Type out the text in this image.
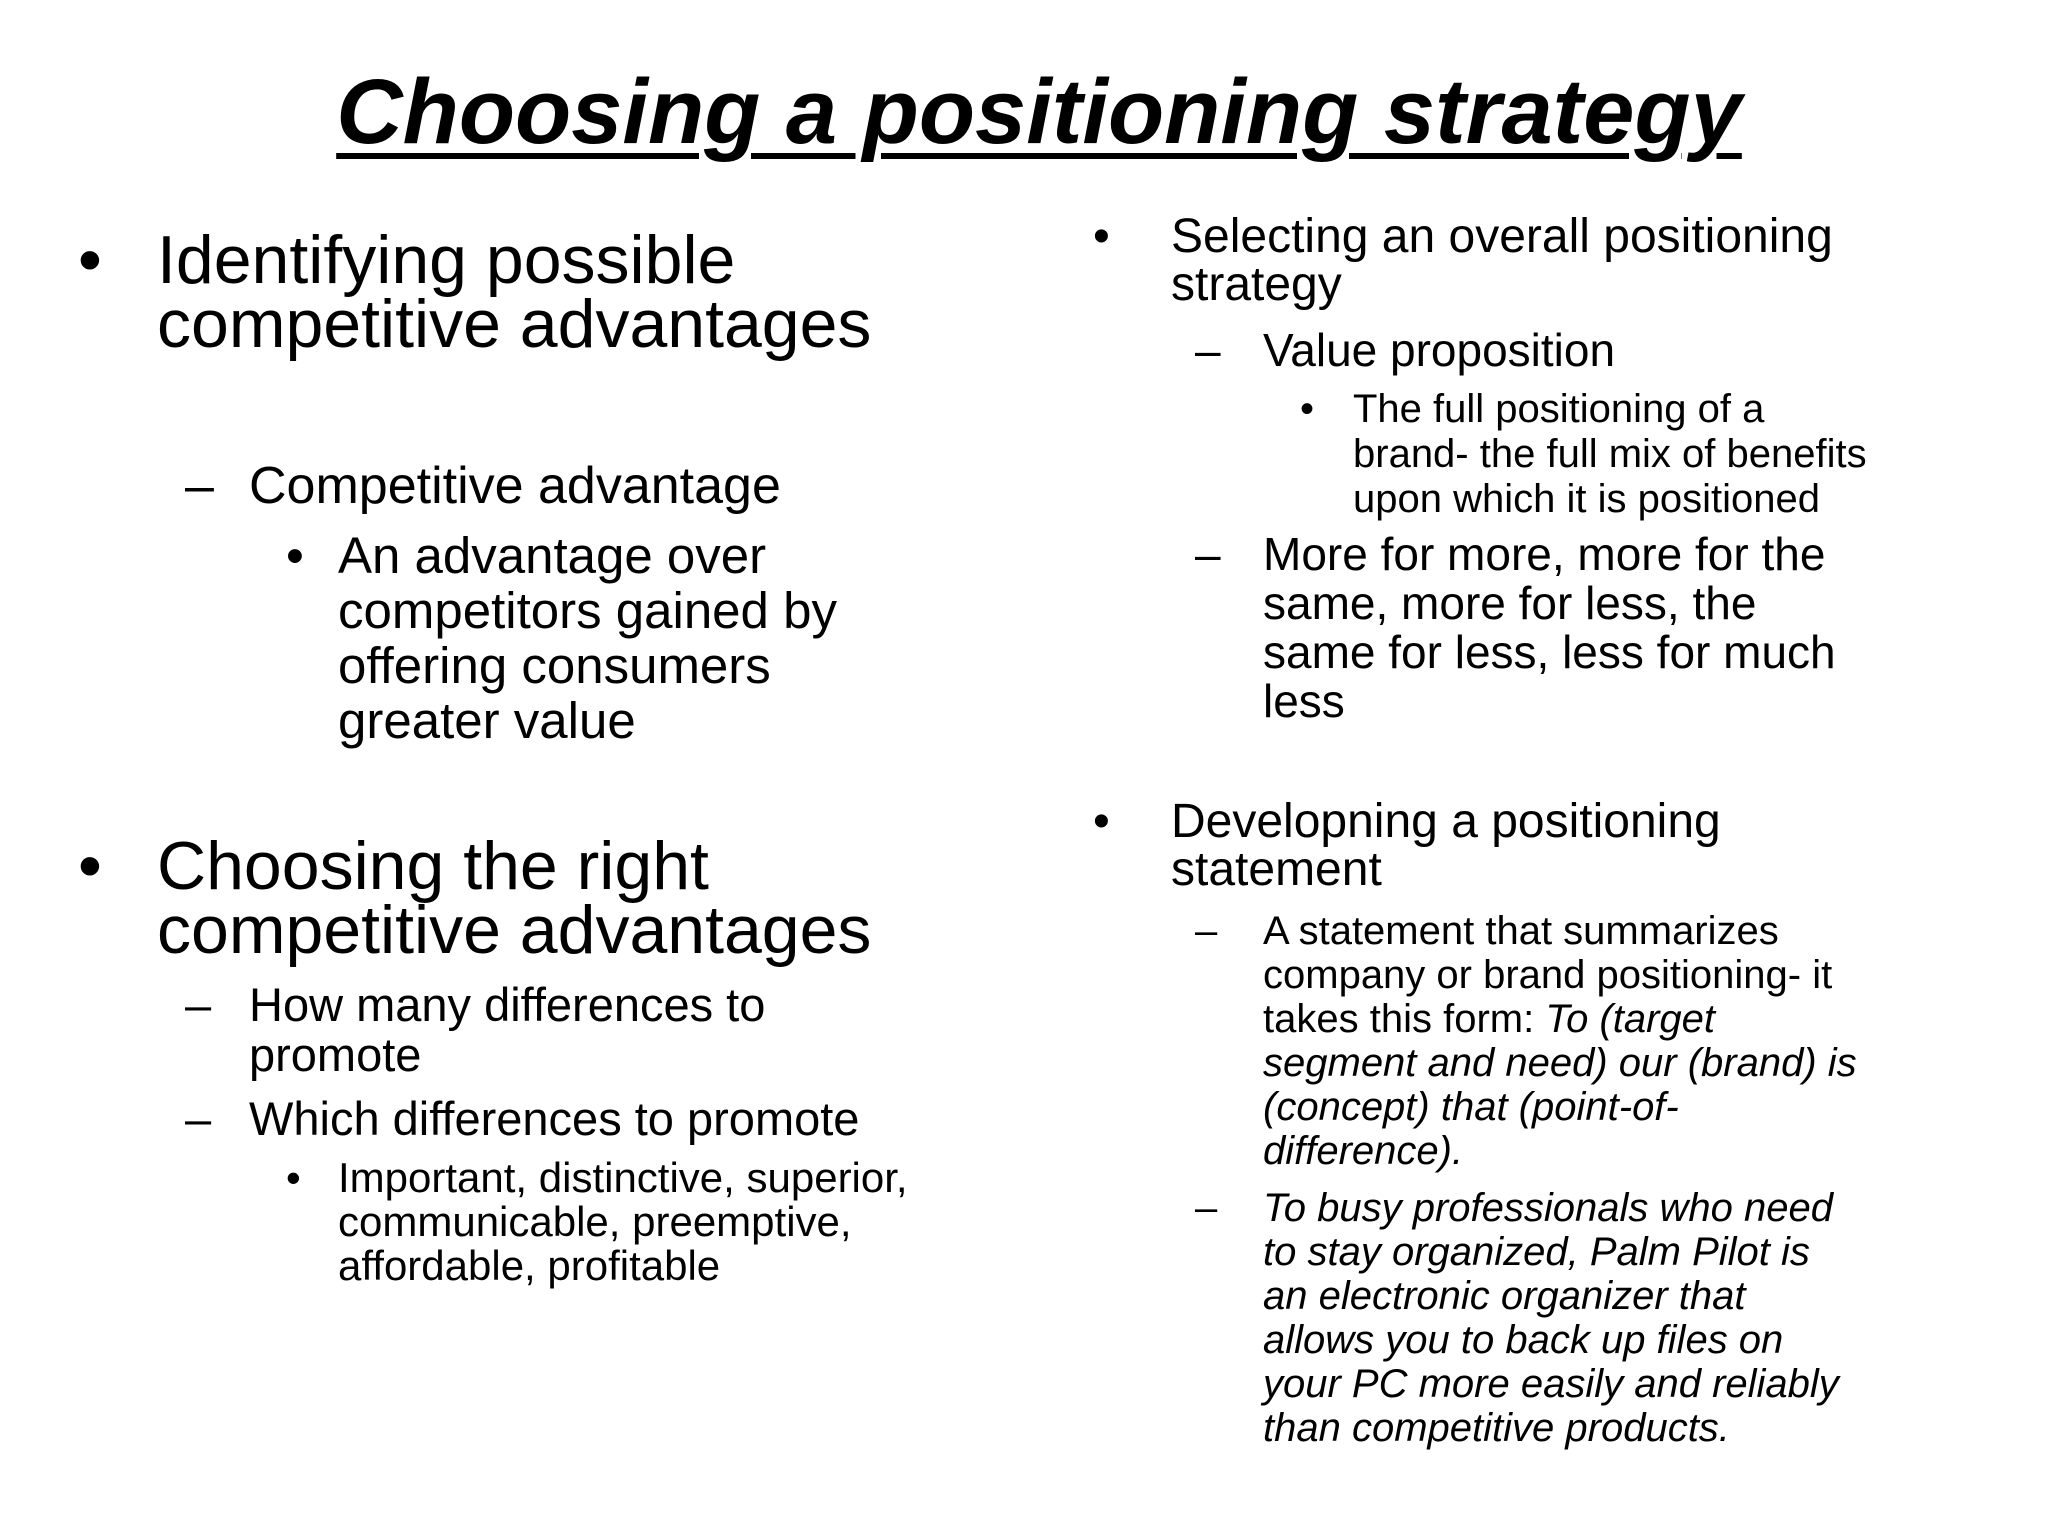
Choosing a positioning strategy
• Identifying possible
competitive advantages
– Competitive advantage
• An advantage over
competitors gained by
offering consumers
greater value
• Choosing the right
competitive advantages
– How many differences to
promote
– Which differences to promote
• Important, distinctive, superior,
communicable, preemptive,
affordable, profitable
• Selecting an overall positioning
strategy
– Value proposition
• The full positioning of a
brand- the full mix of benefits
upon which it is positioned
– More for more, more for the
same, more for less, the
same for less, less for much
less
• Developning a positioning
statement
– A statement that summarizes
company or brand positioning- it
takes this form: To (target
segment and need) our (brand) is
(concept) that (point-of-
difference).
– To busy professionals who need
to stay organized, Palm Pilot is
an electronic organizer that
allows you to back up files on
your PC more easily and reliably
than competitive products.
